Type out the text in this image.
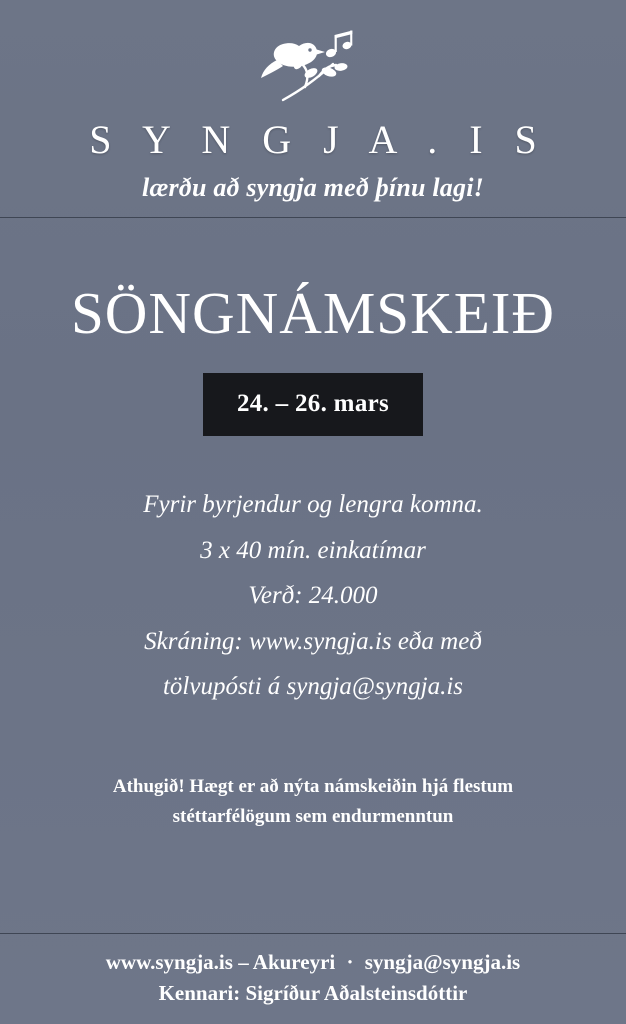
S Y N G J A . I S
lærðu að syngja með þínu lagi!
SÖNGNÁMSKEIÐ
24. – 26. mars
Fyrir byrjendur og lengra komna.
3 x 40 mín. einkatímar
Verð: 24.000
Skráning: www.syngja.is eða með
tölvupósti á syngja@syngja.is
Athugið! Hægt er að nýta námskeiðin hjá flestum
stéttarfélögum sem endurmenntun
www.syngja.is – Akureyri · syngja@syngja.is
Kennari: Sigríður Aðalsteinsdóttir
